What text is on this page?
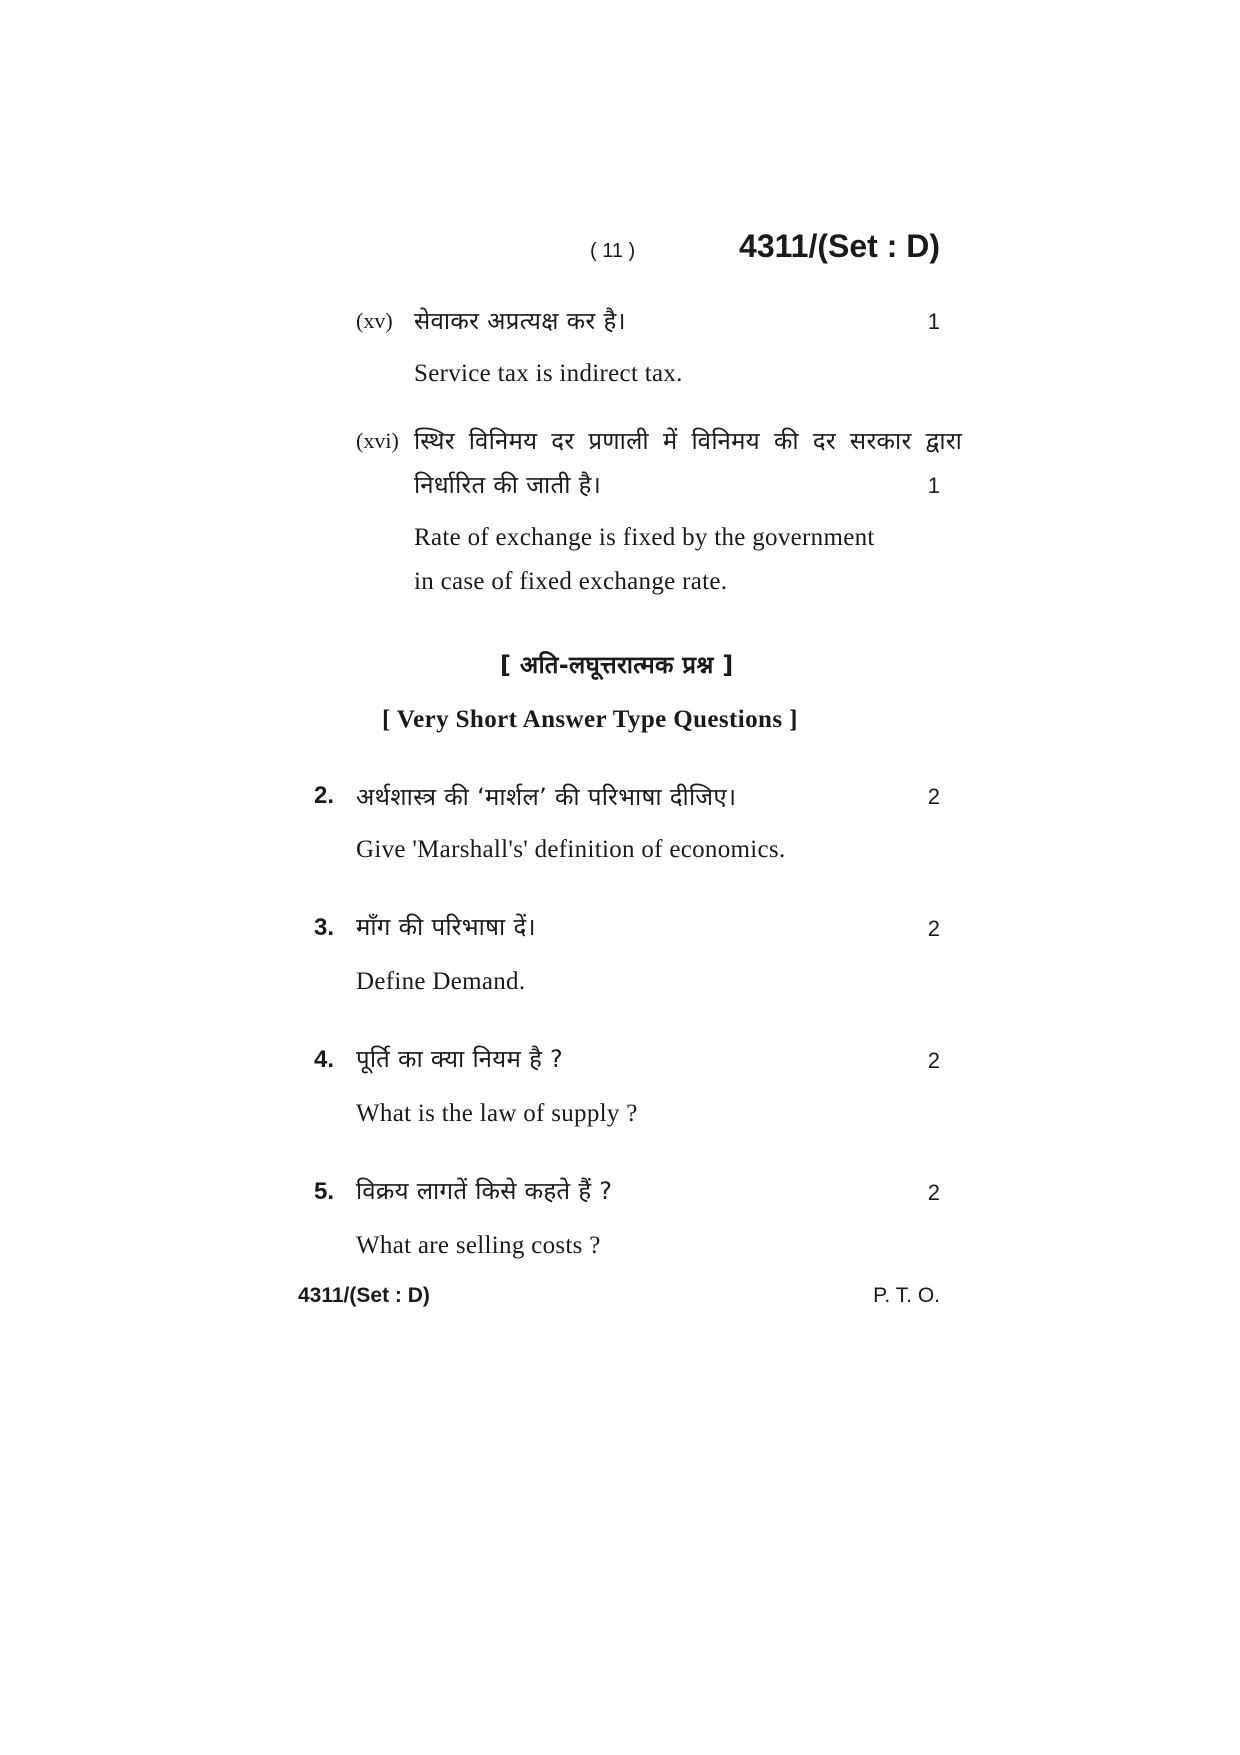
( 11 )	4311/(Set : D)
(xv) सेवाकर अप्रत्यक्ष कर है।	1
Service tax is indirect tax.
(xvi) स्थिर विनिमय दर प्रणाली में विनिमय की दर सरकार द्वारा
निर्धारित की जाती है।	1
Rate of exchange is fixed by the government
in case of fixed exchange rate.
[ अति-लघूत्तरात्मक प्रश्न ]
[ Very Short Answer Type Questions ]
2. अर्थशास्त्र की ‘मार्शल’ की परिभाषा दीजिए।	2
Give 'Marshall's' definition of economics.
3. माँग की परिभाषा दें।	2
Define Demand.
4. पूर्ति का क्या नियम है ?	2
What is the law of supply ?
5. विक्रय लागतें किसे कहते हैं ?	2
What are selling costs ?
4311/(Set : D)	P. T. O.
